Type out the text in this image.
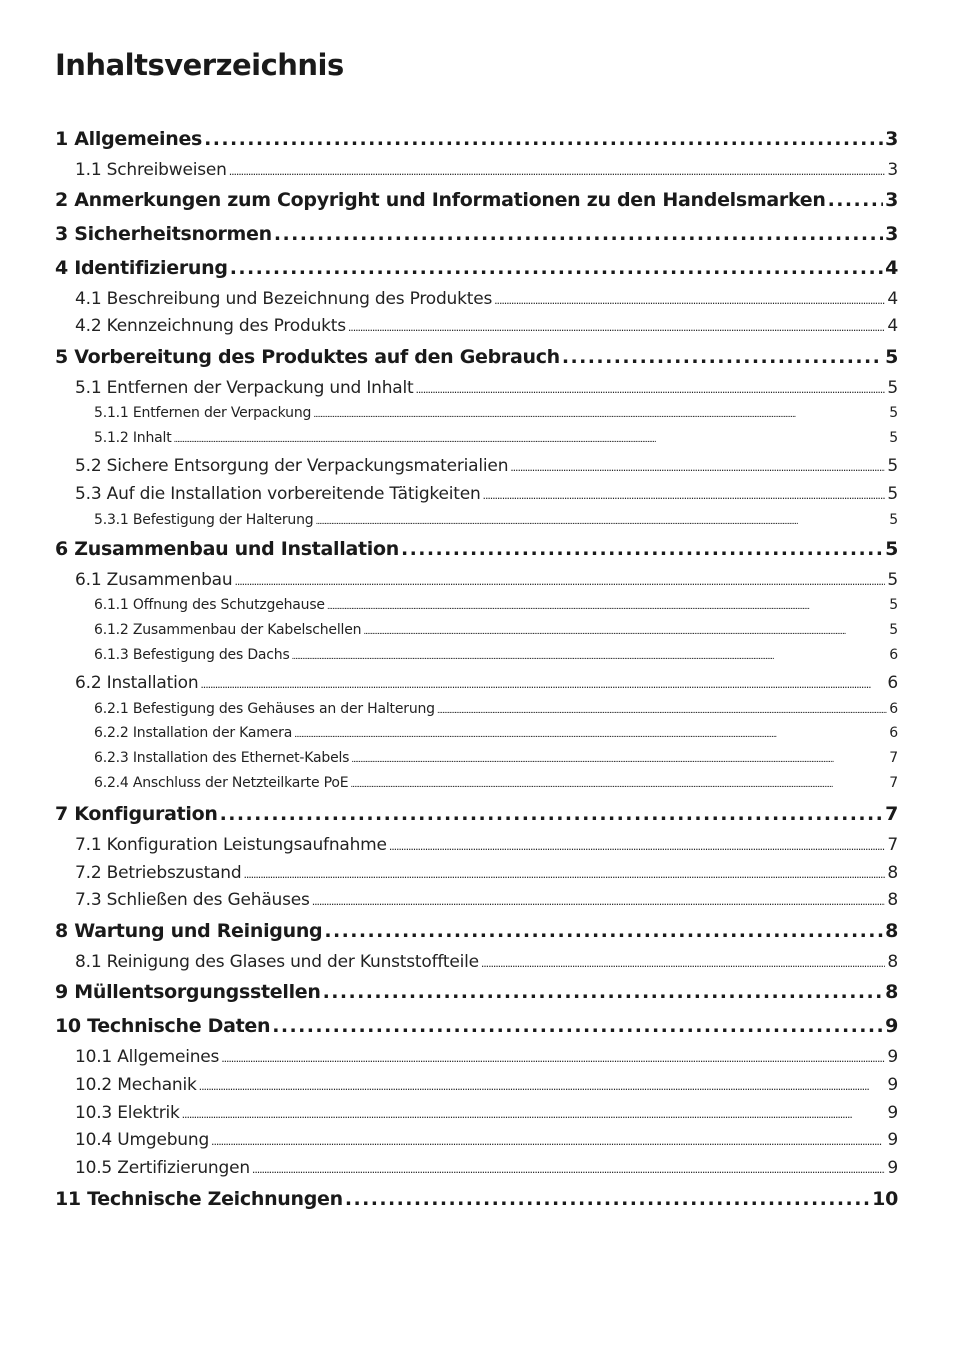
Inhaltsverzeichnis
1 Allgemeines . . .	3
1.1 Schreibweisen . . .	3
2 Anmerkungen zum Copyright und Informationen zu den Handelsmarken . . .	3
3 Sicherheitsnormen . . .	3
4 Identifizierung . . .	4
4.1 Beschreibung und Bezeichnung des Produktes . . .	4
4.2 Kennzeichnung des Produkts . . .	4
5 Vorbereitung des Produktes auf den Gebrauch . . .	5
5.1 Entfernen der Verpackung und Inhalt . . .	5
5.1.1 Entfernen der Verpackung . . .	5
5.1.2 Inhalt . . .	5
5.2 Sichere Entsorgung der Verpackungsmaterialien . . .	5
5.3 Auf die Installation vorbereitende Tätigkeiten . . .	5
5.3.1 Befestigung der Halterung . . .	5
6 Zusammenbau und Installation . . .	5
6.1 Zusammenbau . . .	5
6.1.1 Öffnung des Schutzgehause . . .	5
6.1.2 Zusammenbau der Kabelschellen . . .	5
6.1.3 Befestigung des Dachs . . .	6
6.2 Installation . . .	6
6.2.1 Befestigung des Gehäuses an der Halterung . . .	6
6.2.2 Installation der Kamera . . .	6
6.2.3 Installation des Ethernet-Kabels . . .	7
6.2.4 Anschluss der Netzteilkarte PoE . . .	7
7 Konfiguration . . .	7
7.1 Konfiguration Leistungsaufnahme . . .	7
7.2 Betriebszustand . . .	8
7.3 Schließen des Gehäuses . . .	8
8 Wartung und Reinigung . . .	8
8.1 Reinigung des Glases und der Kunststoffteile . . .	8
9 Müllentsorgungsstellen . . .	8
10 Technische Daten . . .	9
10.1 Allgemeines . . .	9
10.2 Mechanik . . .	9
10.3 Elektrik . . .	9
10.4 Umgebung . . .	9
10.5 Zertifizierungen . . .	9
11 Technische Zeichnungen . . .	10
